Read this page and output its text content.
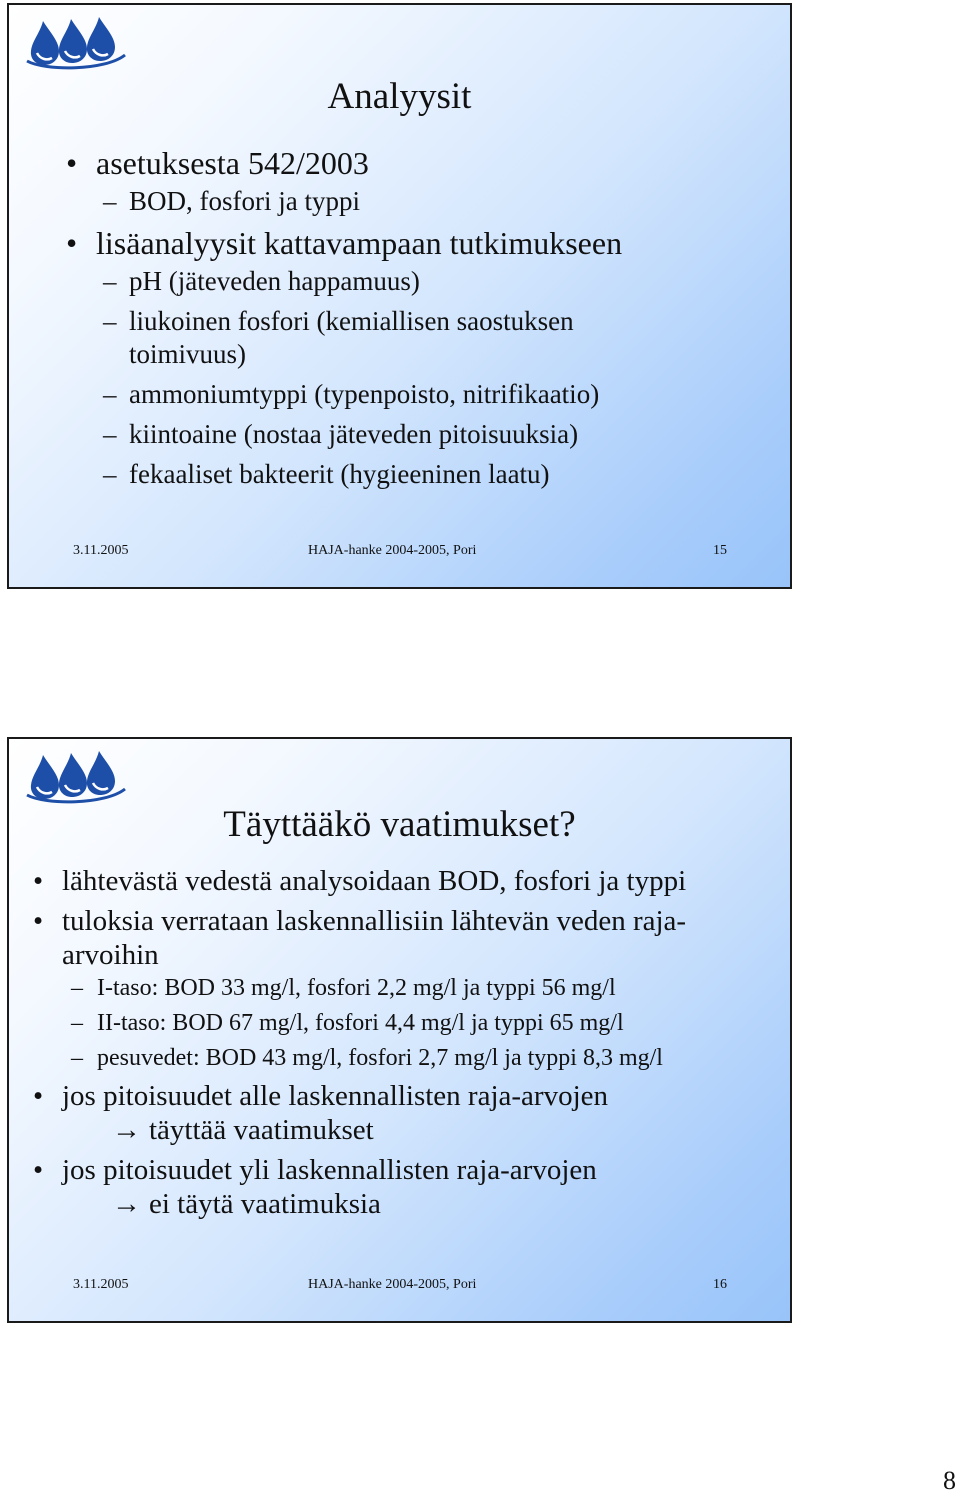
Analyysit
3.11.2005	HAJA-hanke 2004-2005, Pori	15
• asetuksesta 542/2003
– BOD, fosfori ja typpi
• lisäanalyysit kattavampaan tutkimukseen
– pH (jäteveden happamuus)
– liukoinen fosfori (kemiallisen saostuksen toimivuus)
– ammoniumtyppi (typenpoisto, nitrifikaatio)
– kiintoaine (nostaa jäteveden pitoisuuksia)
– fekaaliset bakteerit (hygieeninen laatu)
Täyttääkö vaatimukset?
3.11.2005	HAJA-hanke 2004-2005, Pori	16
• lähtevästä vedestä analysoidaan BOD, fosfori ja typpi
• tuloksia verrataan laskennallisiin lähtevän veden raja-arvoihin
– I-taso: BOD 33 mg/l, fosfori 2,2 mg/l ja typpi 56 mg/l
– II-taso: BOD 67 mg/l, fosfori 4,4 mg/l ja typpi 65 mg/l
– pesuvedet: BOD 43 mg/l, fosfori 2,7 mg/l ja typpi 8,3 mg/l
• jos pitoisuudet alle laskennallisten raja-arvojen
→ täyttää vaatimukset
• jos pitoisuudet yli laskennallisten raja-arvojen
→ ei täytä vaatimuksia
8
